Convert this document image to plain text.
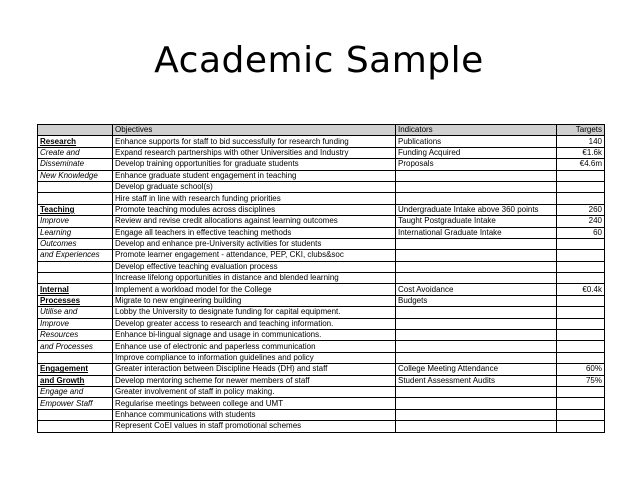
Academic Sample
	Objectives	Indicators	Targets
Research	Enhance supports for staff to bid successfully for research funding	Publications	140
Create and	Expand research partnerships with other Universities and Industry	Funding Acquired	€1.6k
Disseminate	Develop training opportunities for graduate students	Proposals	€4.6m
New Knowledge	Enhance graduate student engagement in teaching		
	Develop graduate school(s)		
	Hire staff in line with research funding priorities		
Teaching	Promote teaching modules across disciplines	Undergraduate Intake above 360 points	260
Improve	Review and revise credit allocations against learning outcomes	Taught Postgraduate Intake	240
Learning	Engage all teachers in effective teaching methods	International Graduate Intake	60
Outcomes	Develop and enhance pre-University activities for students		
and Experiences	Promote learner engagement - attendance, PEP, CKI, clubs&soc		
	Develop effective teaching evaluation process		
	Increase lifelong opportunities in distance and blended learning		
Internal	Implement a workload model for the College	Cost Avoidance	€0.4k
Processes	Migrate to new engineering building	Budgets	
Utilise and	Lobby the University to designate funding for capital equipment.		
Improve	Develop greater access to research and teaching information.		
Resources	Enhance bi-lingual signage and usage in communications.		
and Processes	Enhance use of electronic and paperless communication		
	Improve compliance to information guidelines and policy		
Engagement	Greater interaction between Discipline Heads (DH) and staff	College Meeting Attendance	60%
and Growth	Develop mentoring scheme for newer members of staff	Student Assessment Audits	75%
Engage and	Greater involvement of staff in policy making.		
Empower Staff	Regularise meetings between college and UMT		
	Enhance communications with students		
	Represent CoEI values in staff promotional schemes		
